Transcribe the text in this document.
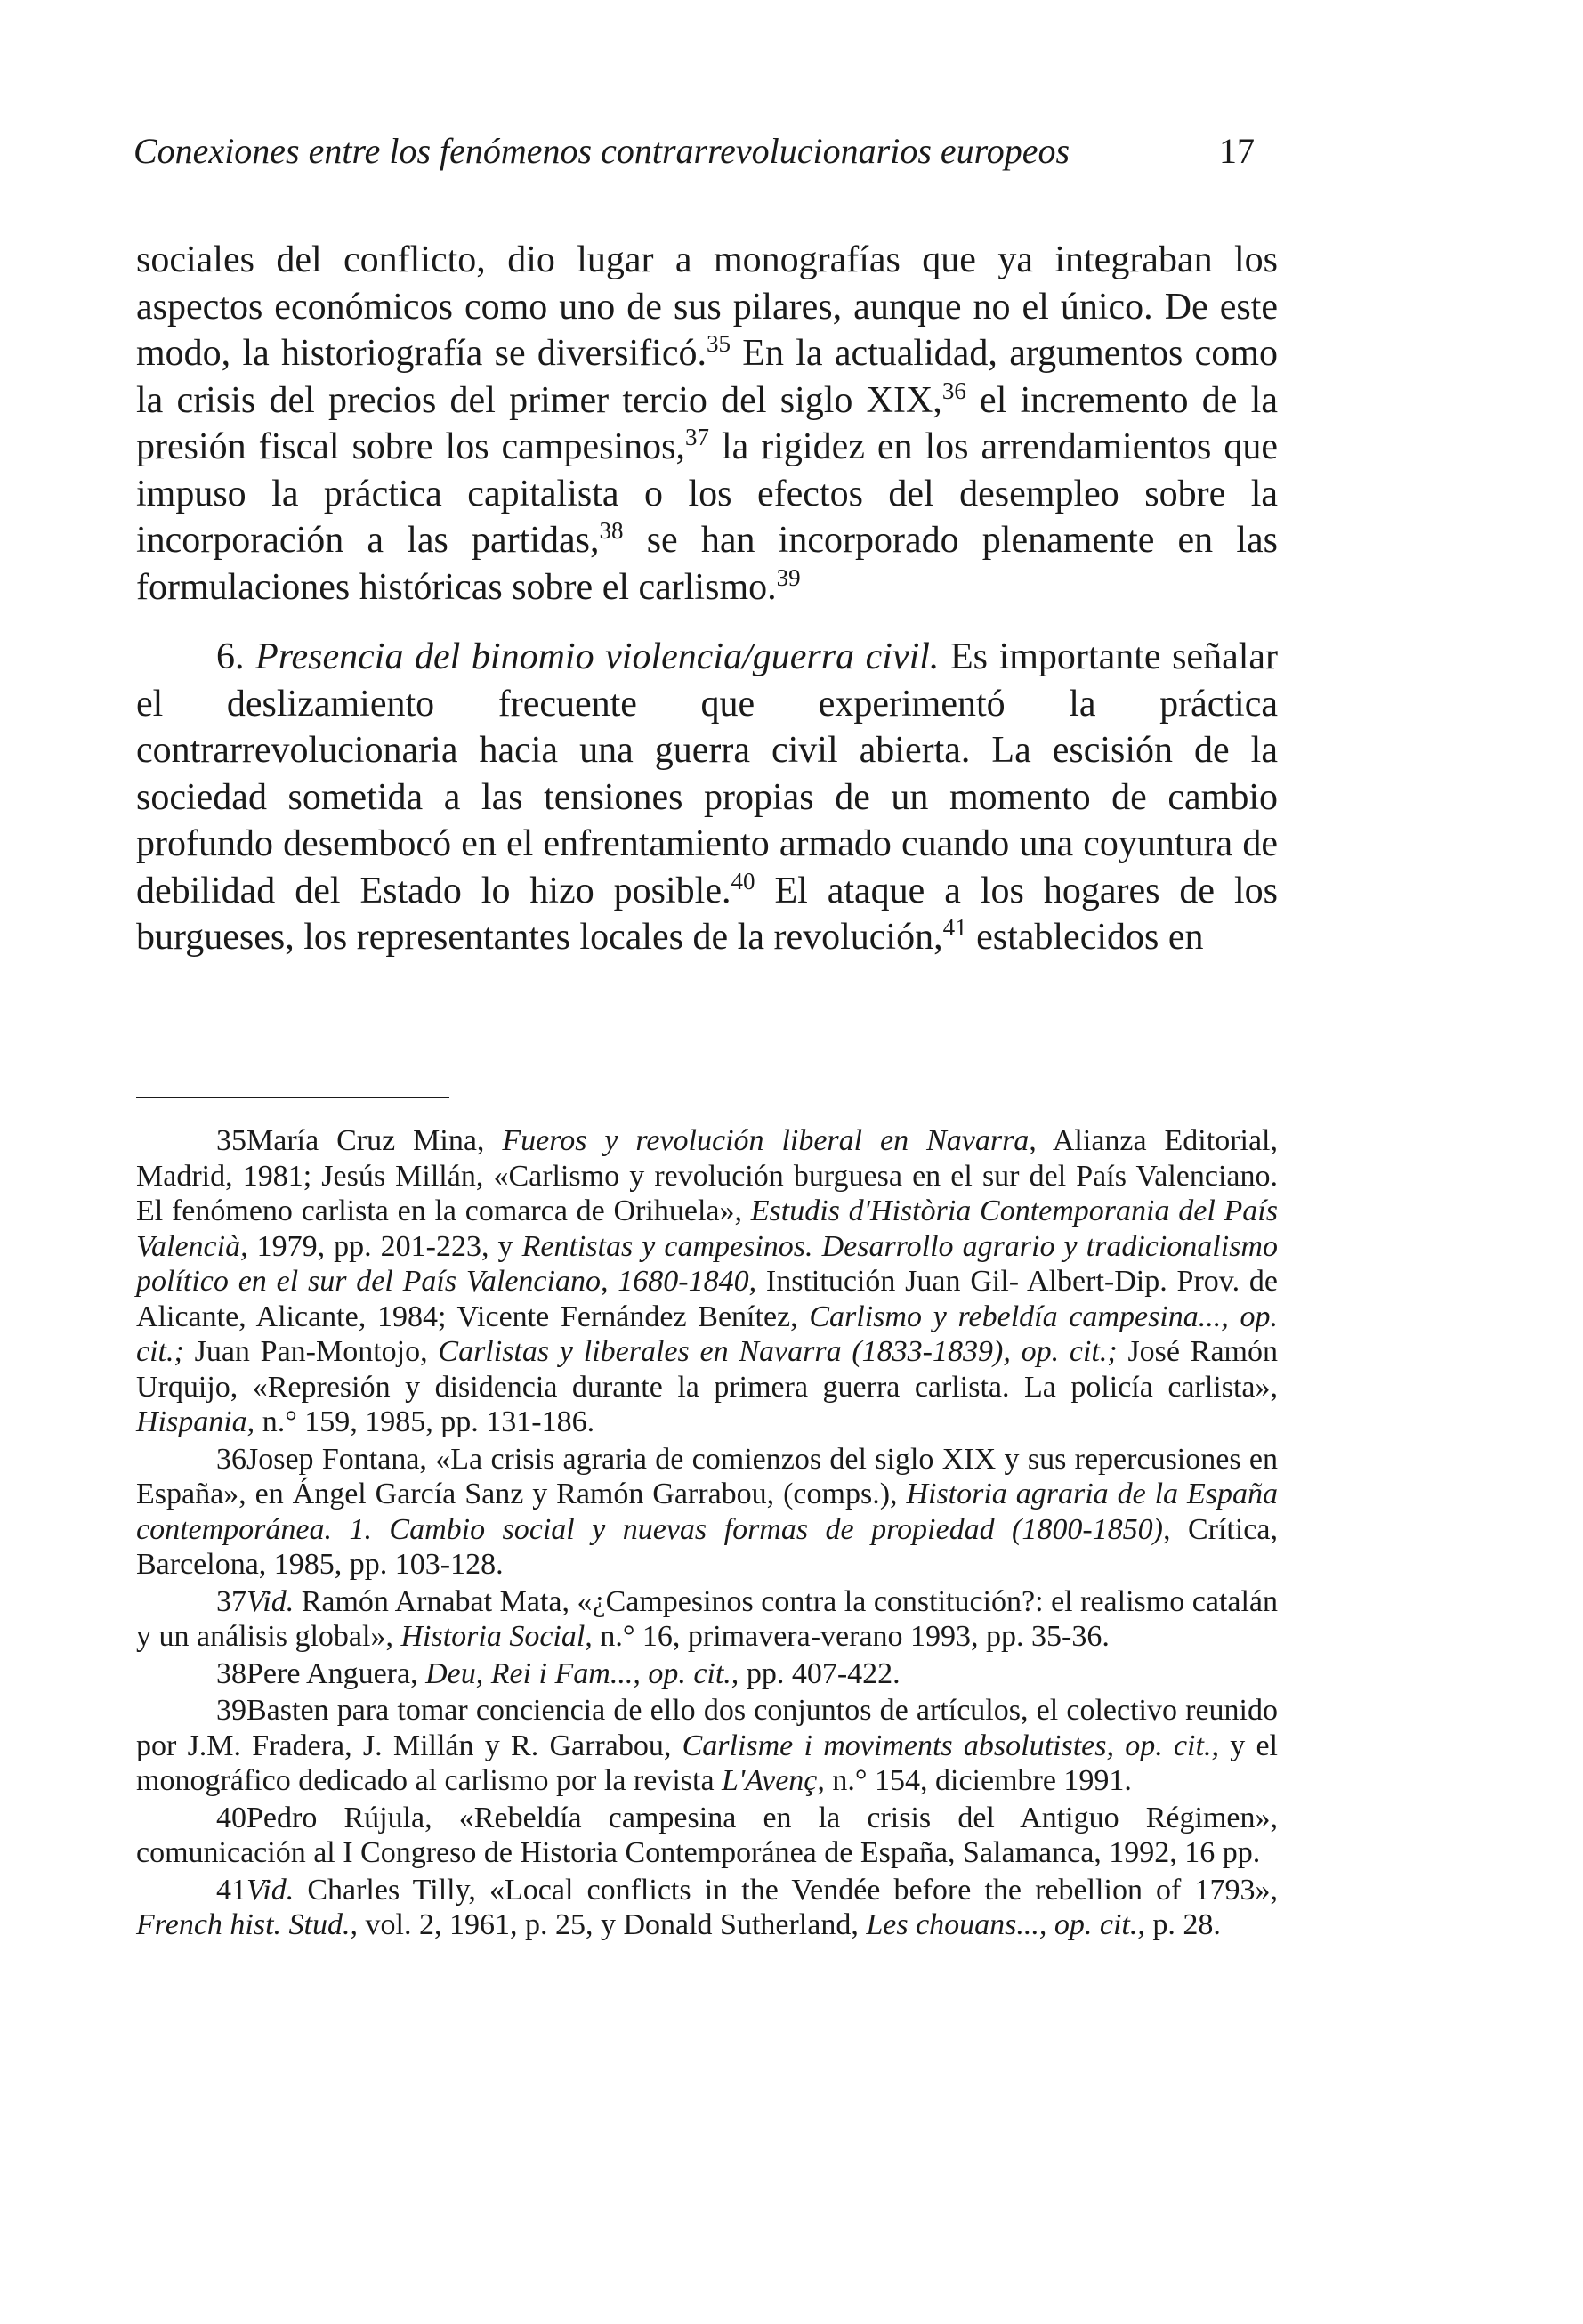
Conexiones entre los fenómenos contrarrevolucionarios europeos	17

sociales del conflicto, dio lugar a monografías que ya integraban los aspectos económicos como uno de sus pilares, aunque no el único. De este modo, la historiografía se diversificó.$^{35}$ En la actualidad, argumentos como la crisis del precios del primer tercio del siglo XIX,$^{36}$ el incremento de la presión fiscal sobre los campesinos,$^{37}$ la rigidez en los arrendamientos que impuso la práctica capitalista o los efectos del desempleo sobre la incorporación a las partidas,$^{38}$ se han incorporado plenamente en las formulaciones históricas sobre el carlismo.$^{39}$

6. Presencia del binomio violencia/guerra civil. Es importante señalar el deslizamiento frecuente que experimentó la práctica contrarrevolucionaria hacia una guerra civil abierta. La escisión de la sociedad sometida a las tensiones propias de un momento de cambio profundo desembocó en el enfrentamiento armado cuando una coyuntura de debilidad del Estado lo hizo posible.$^{40}$ El ataque a los hogares de los burgueses, los representantes locales de la revolución,$^{41}$ establecidos en

35María Cruz Mina, Fueros y revolución liberal en Navarra, Alianza Editorial, Madrid, 1981; Jesús Millán, «Carlismo y revolución burguesa en el sur del País Valenciano. El fenómeno carlista en la comarca de Orihuela», Estudis d'Història Contemporania del País Valencià, 1979, pp. 201-223, y Rentistas y campesinos. Desarrollo agrario y tradicionalismo político en el sur del País Valenciano, 1680-1840, Institución Juan Gil- Albert-Dip. Prov. de Alicante, Alicante, 1984; Vicente Fernández Benítez, Carlismo y rebeldía campesina..., op. cit.; Juan Pan-Montojo, Carlistas y liberales en Navarra (1833-1839), op. cit.; José Ramón Urquijo, «Represión y disidencia durante la primera guerra carlista. La policía carlista», Hispania, n.° 159, 1985, pp. 131-186.

36Josep Fontana, «La crisis agraria de comienzos del siglo XIX y sus repercusiones en España», en Ángel García Sanz y Ramón Garrabou, (comps.), Historia agraria de la España contemporánea. 1. Cambio social y nuevas formas de propiedad (1800-1850), Crítica, Barcelona, 1985, pp. 103-128.

37Vid. Ramón Arnabat Mata, «¿Campesinos contra la constitución?: el realismo catalán y un análisis global», Historia Social, n.° 16, primavera-verano 1993, pp. 35-36.

38Pere Anguera, Deu, Rei i Fam..., op. cit., pp. 407-422.

39Basten para tomar conciencia de ello dos conjuntos de artículos, el colectivo reunido por J.M. Fradera, J. Millán y R. Garrabou, Carlisme i moviments absolutistes, op. cit., y el monográfico dedicado al carlismo por la revista L'Avenç, n.° 154, diciembre 1991.

40Pedro Rújula, «Rebeldía campesina en la crisis del Antiguo Régimen», comunicación al I Congreso de Historia Contemporánea de España, Salamanca, 1992, 16 pp.

41Vid. Charles Tilly, «Local conflicts in the Vendée before the rebellion of 1793», French hist. Stud., vol. 2, 1961, p. 25, y Donald Sutherland, Les chouans..., op. cit., p. 28.
